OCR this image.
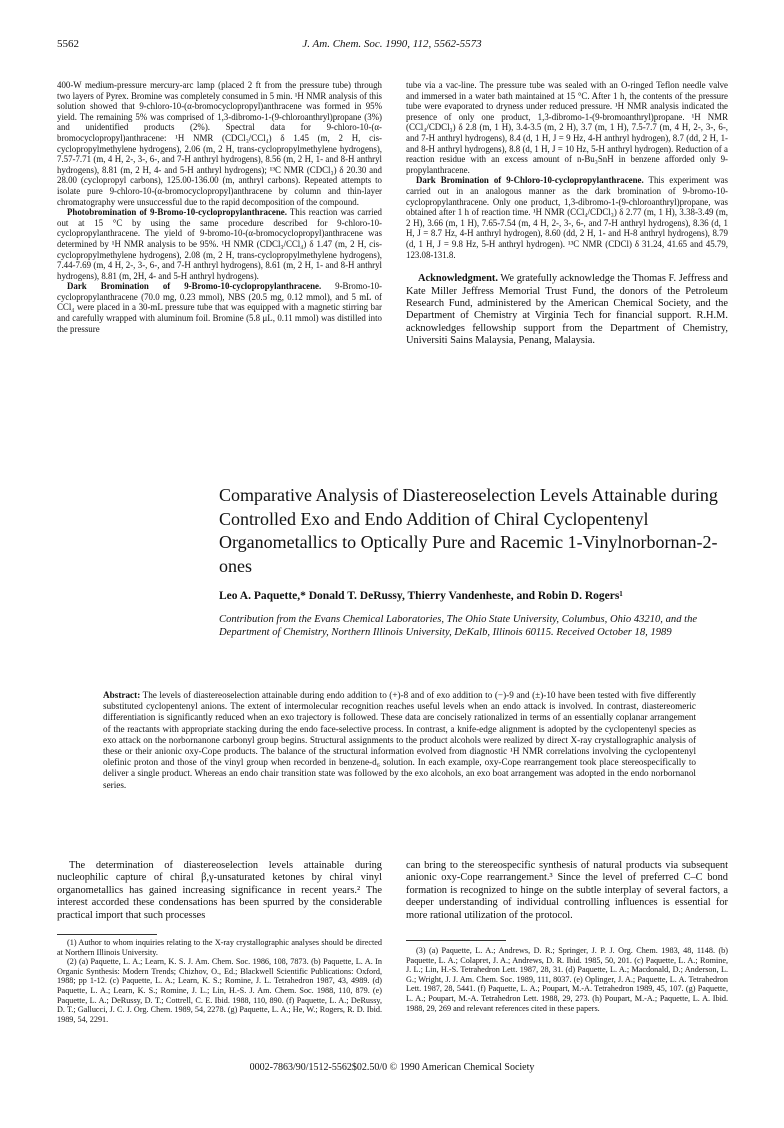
5562	J. Am. Chem. Soc. 1990, 112, 5562-5573

400-W medium-pressure mercury-arc lamp (placed 2 ft from the pressure tube) through two layers of Pyrex. Bromine was completely consumed in 5 min. ¹H NMR analysis of this solution showed that 9-chloro-10-(α-bromocyclopropyl)anthracene was formed in 95% yield. The remaining 5% was comprised of 1,3-dibromo-1-(9-chloroanthryl)propane (3%) and unidentified products (2%). Spectral data for 9-chloro-10-(α-bromocyclopropyl)anthracene: ¹H NMR (CDCl₃/CCl₄) δ 1.45 (m, 2 H, cis-cyclopropylmethylene hydrogens), 2.06 (m, 2 H, trans-cyclopropylmethylene hydrogens), 7.57-7.71 (m, 4 H, 2-, 3-, 6-, and 7-H anthryl hydrogens), 8.56 (m, 2 H, 1- and 8-H anthryl hydrogens), 8.81 (m, 2 H, 4- and 5-H anthryl hydrogens); ¹³C NMR (CDCl₃) δ 20.30 and 28.00 (cyclopropyl carbons), 125.00-136.00 (m, anthryl carbons). Repeated attempts to isolate pure 9-chloro-10-(α-bromocyclopropyl)anthracene by column and thin-layer chromatography were unsuccessful due to the rapid decomposition of the compound.

Photobromination of 9-Bromo-10-cyclopropylanthracene. This reaction was carried out at 15 °C by using the same procedure described for 9-chloro-10-cyclopropylanthracene. The yield of 9-bromo-10-(α-bromocyclopropyl)anthracene was determined by ¹H NMR analysis to be 95%. ¹H NMR (CDCl₃/CCl₄) δ 1.47 (m, 2 H, cis-cyclopropylmethylene hydrogens), 2.08 (m, 2 H, trans-cyclopropylmethylene hydrogens), 7.44-7.69 (m, 4 H, 2-, 3-, 6-, and 7-H anthryl hydrogens), 8.61 (m, 2 H, 1- and 8-H anthryl hydrogens), 8.81 (m, 2H, 4- and 5-H anthryl hydrogens).

Dark Bromination of 9-Bromo-10-cyclopropylanthracene. 9-Bromo-10-cyclopropylanthracene (70.0 mg, 0.23 mmol), NBS (20.5 mg, 0.12 mmol), and 5 mL of CCl₄ were placed in a 30-mL pressure tube that was equipped with a magnetic stirring bar and carefully wrapped with aluminum foil. Bromine (5.8 μL, 0.11 mmol) was distilled into the pressure

tube via a vac-line. The pressure tube was sealed with an O-ringed Teflon needle valve and immersed in a water bath maintained at 15 °C. After 1 h, the contents of the pressure tube were evaporated to dryness under reduced pressure. ¹H NMR analysis indicated the presence of only one product, 1,3-dibromo-1-(9-bromoanthryl)propane. ¹H NMR (CCl₄/CDCl₃) δ 2.8 (m, 1 H), 3.4-3.5 (m, 2 H), 3.7 (m, 1 H), 7.5-7.7 (m, 4 H, 2-, 3-, 6-, and 7-H anthryl hydrogens), 8.4 (d, 1 H, J = 9 Hz, 4-H anthryl hydrogen), 8.7 (dd, 2 H, 1- and 8-H anthryl hydrogens), 8.8 (d, 1 H, J = 10 Hz, 5-H anthryl hydrogen). Reduction of a reaction residue with an excess amount of n-Bu₃SnH in benzene afforded only 9-propylanthracene.

Dark Bromination of 9-Chloro-10-cyclopropylanthracene. This experiment was carried out in an analogous manner as the dark bromination of 9-bromo-10-cyclopropylanthracene. Only one product, 1,3-dibromo-1-(9-chloroanthryl)propane, was obtained after 1 h of reaction time. ¹H NMR (CCl₄/CDCl₃) δ 2.77 (m, 1 H), 3.38-3.49 (m, 2 H), 3.66 (m, 1 H), 7.65-7.54 (m, 4 H, 2-, 3-, 6-, and 7-H anthryl hydrogens), 8.36 (d, 1 H, J = 8.7 Hz, 4-H anthryl hydrogen), 8.60 (dd, 2 H, 1- and H-8 anthryl hydrogens), 8.79 (d, 1 H, J = 9.8 Hz, 5-H anthryl hydrogen). ¹³C NMR (CDCl) δ 31.24, 41.65 and 45.79, 123.08-131.8.

Acknowledgment. We gratefully acknowledge the Thomas F. Jeffress and Kate Miller Jeffress Memorial Trust Fund, the donors of the Petroleum Research Fund, administered by the American Chemical Society, and the Department of Chemistry at Virginia Tech for financial support. R.H.M. acknowledges fellowship support from the Department of Chemistry, Universiti Sains Malaysia, Penang, Malaysia.

Comparative Analysis of Diastereoselection Levels Attainable during Controlled Exo and Endo Addition of Chiral Cyclopentenyl Organometallics to Optically Pure and Racemic 1-Vinylnorbornan-2-ones
Leo A. Paquette,* Donald T. DeRussy, Thierry Vandenheste, and Robin D. Rogers¹
Contribution from the Evans Chemical Laboratories, The Ohio State University, Columbus, Ohio 43210, and the Department of Chemistry, Northern Illinois University, DeKalb, Illinois 60115. Received October 18, 1989
Abstract: The levels of diastereoselection attainable during endo addition to (+)-8 and of exo addition to (−)-9 and (±)-10 have been tested with five differently substituted cyclopentenyl anions. The extent of intermolecular recognition reaches useful levels when an endo attack is involved. In contrast, diastereomeric differentiation is significantly reduced when an exo trajectory is followed. These data are concisely rationalized in terms of an essentially coplanar arrangement of the reactants with appropriate stacking during the endo face-selective process. In contrast, a knife-edge alignment is adopted by the cyclopentenyl species as exo attack on the norbornanone carbonyl group begins. Structural assignments to the product alcohols were realized by direct X-ray crystallographic analysis of these or their anionic oxy-Cope products. The balance of the structural information evolved from diagnostic ¹H NMR correlations involving the cyclopentenyl olefinic proton and those of the vinyl group when recorded in benzene-d₆ solution. In each example, oxy-Cope rearrangement took place stereospecifically to deliver a single product. Whereas an endo chair transition state was followed by the exo alcohols, an exo boat arrangement was adopted in the endo norbornanol series.
The determination of diastereoselection levels attainable during nucleophilic capture of chiral β,γ-unsaturated ketones by chiral vinyl organometallics has gained increasing significance in recent years.² The interest accorded these condensations has been spurred by the considerable practical import that such processes
can bring to the stereospecific synthesis of natural products via subsequent anionic oxy-Cope rearrangement.³ Since the level of preferred C–C bond formation is recognized to hinge on the subtle interplay of several factors, a deeper understanding of individual controlling influences is essential for more rational utilization of the protocol.

(1) Author to whom inquiries relating to the X-ray crystallographic analyses should be directed at Northern Illinois University.

(2) (a) Paquette, L. A.; Learn, K. S. J. Am. Chem. Soc. 1986, 108, 7873. (b) Paquette, L. A. In Organic Synthesis: Modern Trends; Chizhov, O., Ed.; Blackwell Scientific Publications: Oxford, 1988; pp 1-12. (c) Paquette, L. A.; Learn, K. S.; Romine, J. L. Tetrahedron 1987, 43, 4989. (d) Paquette, L. A.; Learn, K. S.; Romine, J. L.; Lin, H.-S. J. Am. Chem. Soc. 1988, 110, 879. (e) Paquette, L. A.; DeRussy, D. T.; Cottrell, C. E. Ibid. 1988, 110, 890. (f) Paquette, L. A.; DeRussy, D. T.; Gallucci, J. C. J. Org. Chem. 1989, 54, 2278. (g) Paquette, L. A.; He, W.; Rogers, R. D. Ibid. 1989, 54, 2291.

(3) (a) Paquette, L. A.; Andrews, D. R.; Springer, J. P. J. Org. Chem. 1983, 48, 1148. (b) Paquette, L. A.; Colapret, J. A.; Andrews, D. R. Ibid. 1985, 50, 201. (c) Paquette, L. A.; Romine, J. L.; Lin, H.-S. Tetrahedron Lett. 1987, 28, 31. (d) Paquette, L. A.; Macdonald, D.; Anderson, L. G.; Wright, J. J. Am. Chem. Soc. 1989, 111, 8037. (e) Oplinger, J. A.; Paquette, L. A. Tetrahedron Lett. 1987, 28, 5441. (f) Paquette, L. A.; Poupart, M.-A. Tetrahedron 1989, 45, 107. (g) Paquette, L. A.; Poupart, M.-A. Tetrahedron Lett. 1988, 29, 273. (h) Poupart, M.-A.; Paquette, L. A. Ibid. 1988, 29, 269 and relevant references cited in these papers.

0002-7863/90/1512-5562$02.50/0 © 1990 American Chemical Society
